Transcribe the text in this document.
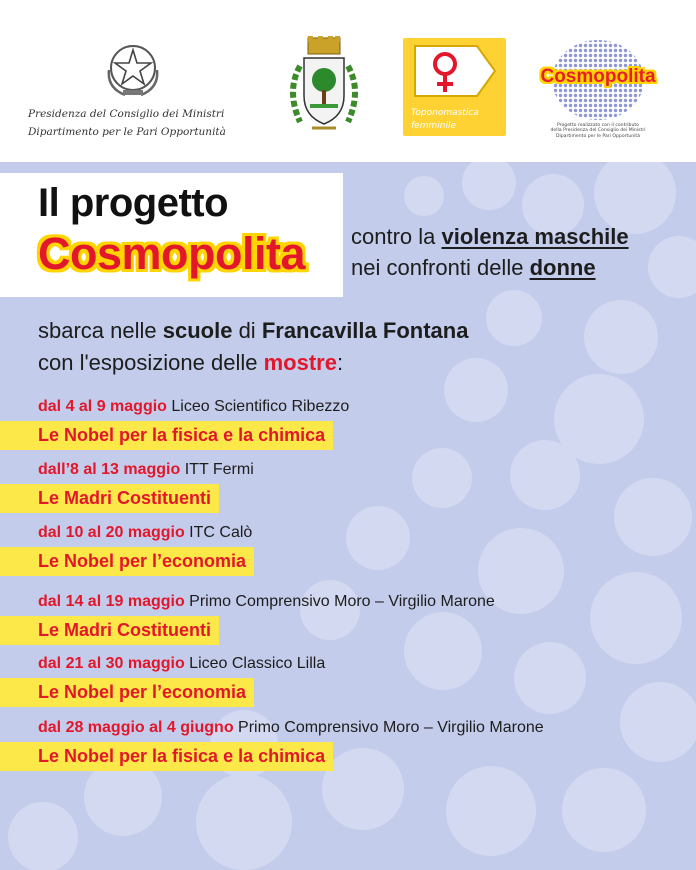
Presidenza del Consiglio dei Ministri
Dipartimento per le Pari Opportunità
Toponomastica
femminile
Cosmopolita
Progetto realizzato con il contributo
della Presidenza del Consiglio dei Ministri
Dipartimento per le Pari Opportunità
Il progetto
Cosmopolita contro la violenza maschile
nei confronti delle donne
sbarca nelle scuole di Francavilla Fontana
con l'esposizione delle mostre:
dal 4 al 9 maggio Liceo Scientifico Ribezzo
Le Nobel per la fisica e la chimica
dall’8 al 13 maggio ITT Fermi
Le Madri Costituenti
dal 10 al 20 maggio ITC Calò
Le Nobel per l’economia
dal 14 al 19 maggio Primo Comprensivo Moro – Virgilio Marone
Le Madri Costituenti
dal 21 al 30 maggio Liceo Classico Lilla
Le Nobel per l’economia
dal 28 maggio al 4 giugno Primo Comprensivo Moro – Virgilio Marone
Le Nobel per la fisica e la chimica
